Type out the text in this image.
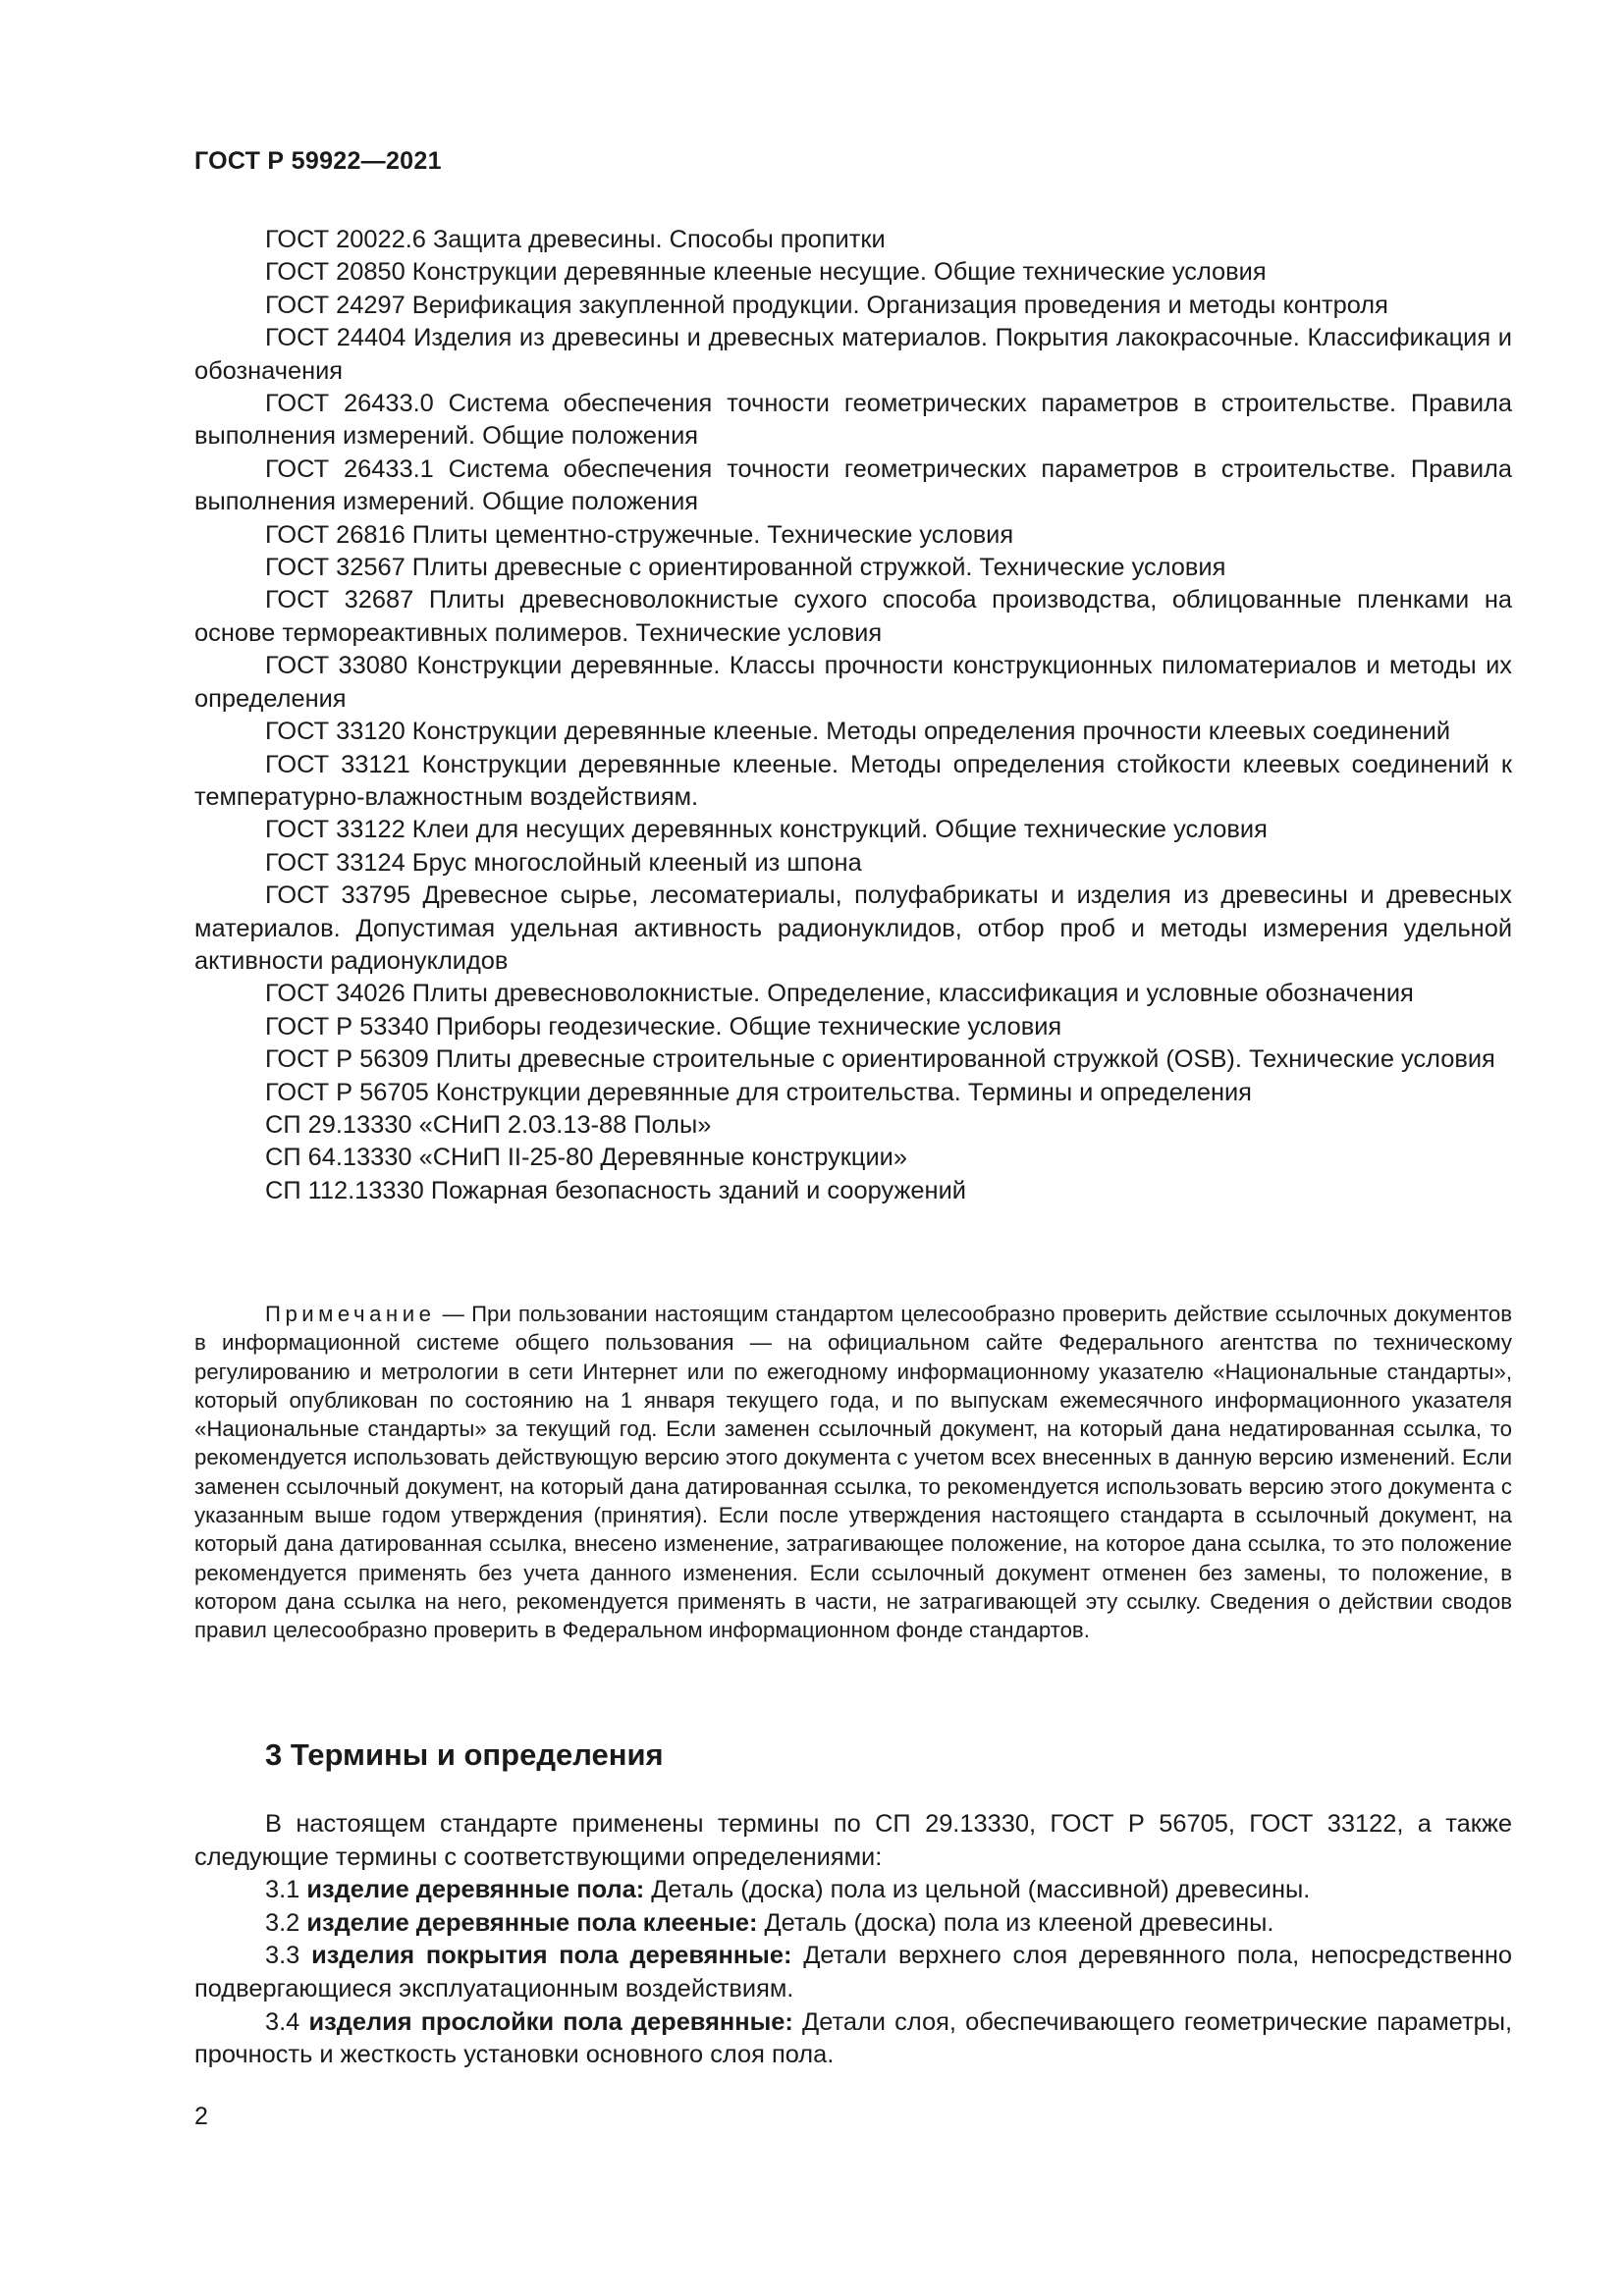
ГОСТ Р 59922—2021

ГОСТ 20022.6 Защита древесины. Способы пропитки

ГОСТ 20850 Конструкции деревянные клееные несущие. Общие технические условия

ГОСТ 24297 Верификация закупленной продукции. Организация проведения и методы контроля

ГОСТ 24404 Изделия из древесины и древесных материалов. Покрытия лакокрасочные. Классификация и обозначения

ГОСТ 26433.0 Система обеспечения точности геометрических параметров в строительстве. Правила выполнения измерений. Общие положения

ГОСТ 26433.1 Система обеспечения точности геометрических параметров в строительстве. Правила выполнения измерений. Общие положения

ГОСТ 26816 Плиты цементно-стружечные. Технические условия

ГОСТ 32567 Плиты древесные с ориентированной стружкой. Технические условия

ГОСТ 32687 Плиты древесноволокнистые сухого способа производства, облицованные пленками на основе термореактивных полимеров. Технические условия

ГОСТ 33080 Конструкции деревянные. Классы прочности конструкционных пиломатериалов и методы их определения

ГОСТ 33120 Конструкции деревянные клееные. Методы определения прочности клеевых соединений

ГОСТ 33121 Конструкции деревянные клееные. Методы определения стойкости клеевых соединений к температурно-влажностным воздействиям.

ГОСТ 33122 Клеи для несущих деревянных конструкций. Общие технические условия

ГОСТ 33124 Брус многослойный клееный из шпона

ГОСТ 33795 Древесное сырье, лесоматериалы, полуфабрикаты и изделия из древесины и древесных материалов. Допустимая удельная активность радионуклидов, отбор проб и методы измерения удельной активности радионуклидов

ГОСТ 34026 Плиты древесноволокнистые. Определение, классификация и условные обозначения

ГОСТ Р 53340 Приборы геодезические. Общие технические условия

ГОСТ Р 56309 Плиты древесные строительные с ориентированной стружкой (OSB). Технические условия

ГОСТ Р 56705 Конструкции деревянные для строительства. Термины и определения

СП 29.13330 «СНиП 2.03.13-88 Полы»

СП 64.13330 «СНиП II-25-80 Деревянные конструкции»

СП 112.13330 Пожарная безопасность зданий и сооружений

Примечание — При пользовании настоящим стандартом целесообразно проверить действие ссылочных документов в информационной системе общего пользования — на официальном сайте Федерального агентства по техническому регулированию и метрологии в сети Интернет или по ежегодному информационному указателю «Национальные стандарты», который опубликован по состоянию на 1 января текущего года, и по выпускам ежемесячного информационного указателя «Национальные стандарты» за текущий год. Если заменен ссылочный документ, на который дана недатированная ссылка, то рекомендуется использовать действующую версию этого документа с учетом всех внесенных в данную версию изменений. Если заменен ссылочный документ, на который дана датированная ссылка, то рекомендуется использовать версию этого документа с указанным выше годом утверждения (принятия). Если после утверждения настоящего стандарта в ссылочный документ, на который дана датированная ссылка, внесено изменение, затрагивающее положение, на которое дана ссылка, то это положение рекомендуется применять без учета данного изменения. Если ссылочный документ отменен без замены, то положение, в котором дана ссылка на него, рекомендуется применять в части, не затрагивающей эту ссылку. Сведения о действии сводов правил целесообразно проверить в Федеральном информационном фонде стандартов.

3 Термины и определения

В настоящем стандарте применены термины по СП 29.13330, ГОСТ Р 56705, ГОСТ 33122, а также следующие термины с соответствующими определениями:

3.1 изделие деревянные пола: Деталь (доска) пола из цельной (массивной) древесины.

3.2 изделие деревянные пола клееные: Деталь (доска) пола из клееной древесины.

3.3 изделия покрытия пола деревянные: Детали верхнего слоя деревянного пола, непосредственно подвергающиеся эксплуатационным воздействиям.

3.4 изделия прослойки пола деревянные: Детали слоя, обеспечивающего геометрические параметры, прочность и жесткость установки основного слоя пола.

2
